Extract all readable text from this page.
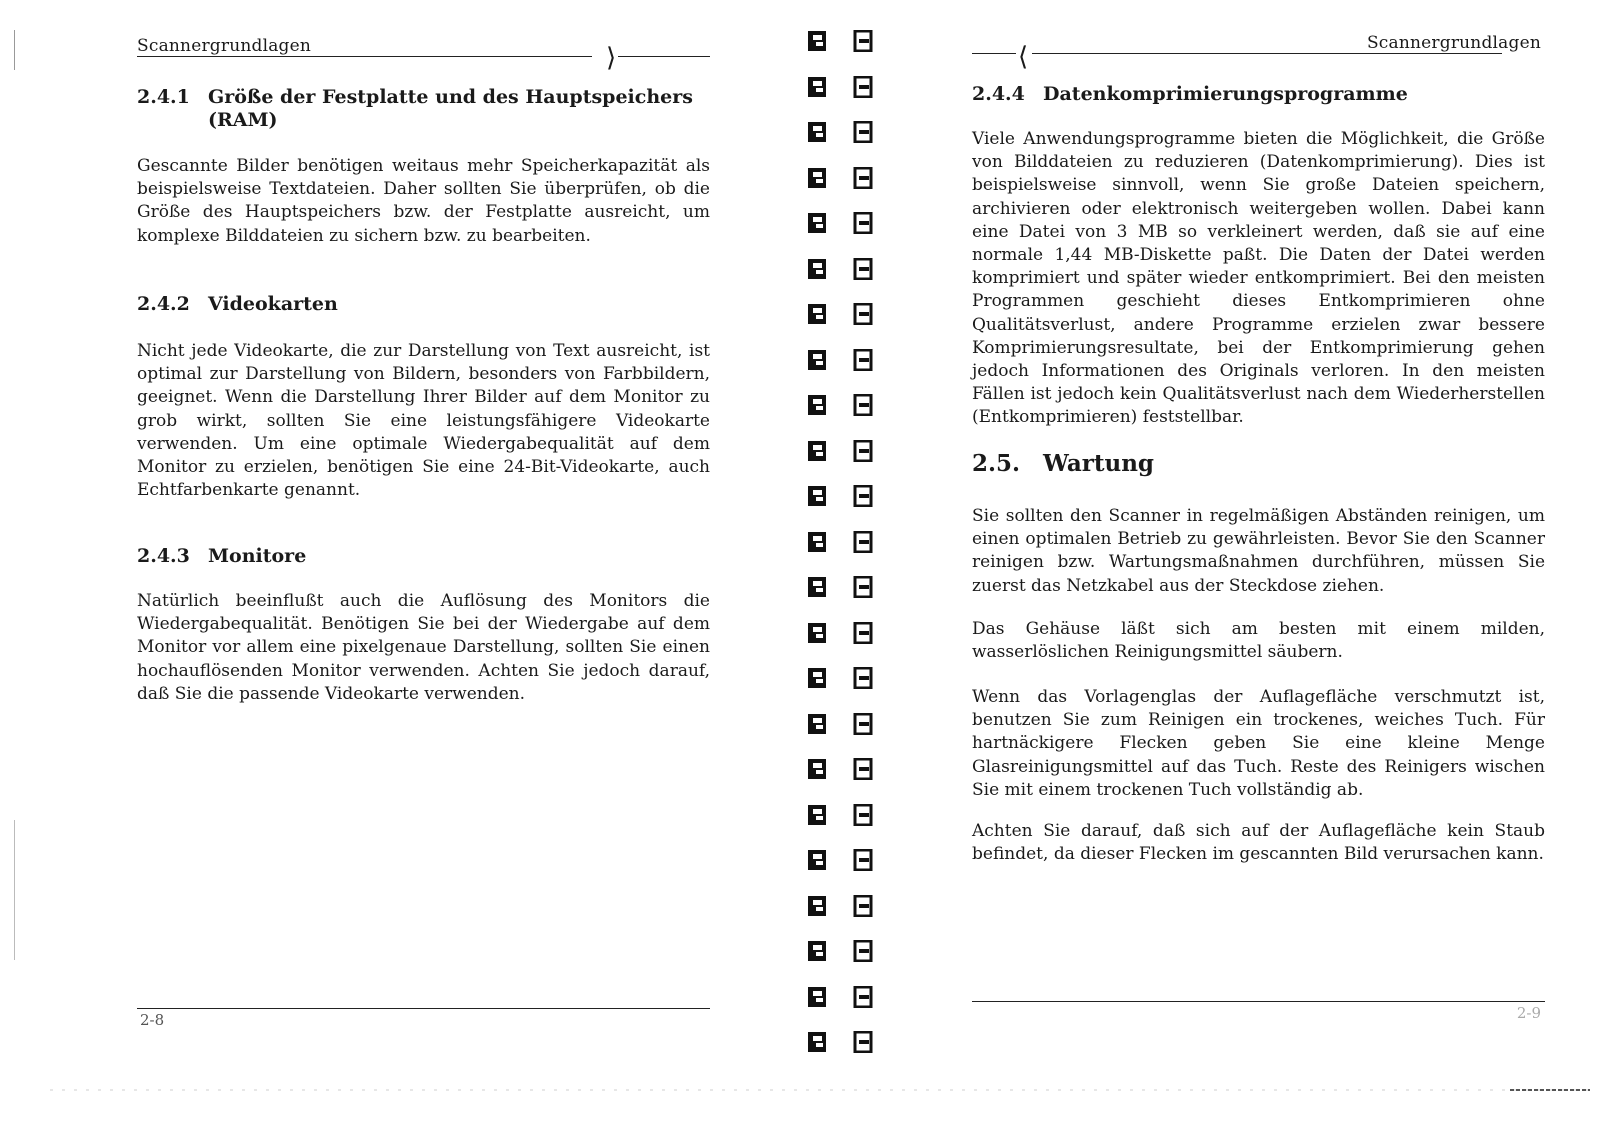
Scannergrundlagen	⟩
2.4.1 Größe der Festplatte und des Hauptspeichers (RAM)

Gescannte Bilder benötigen weitaus mehr Speicherkapazität als beispielsweise Textdateien. Daher sollten Sie überprüfen, ob die Größe des Hauptspeichers bzw. der Festplatte ausreicht, um komplexe Bilddateien zu sichern bzw. zu bearbeiten.

2.4.2 Videokarten

Nicht jede Videokarte, die zur Darstellung von Text ausreicht, ist optimal zur Darstellung von Bildern, besonders von Farbbildern, geeignet. Wenn die Darstellung Ihrer Bilder auf dem Monitor zu grob wirkt, sollten Sie eine leistungsfähigere Videokarte verwenden. Um eine optimale Wiedergabequalität auf dem Monitor zu erzielen, benötigen Sie eine 24-Bit-Videokarte, auch Echtfarbenkarte genannt.

2.4.3 Monitore

Natürlich beeinflußt auch die Auflösung des Monitors die Wiedergabequalität. Benötigen Sie bei der Wiedergabe auf dem Monitor vor allem eine pixelgenaue Darstellung, sollten Sie einen hochauflösenden Monitor verwenden. Achten Sie jedoch darauf, daß Sie die passende Videokarte verwenden.

2-8
⟨	Scannergrundlagen
2.4.4 Datenkomprimierungsprogramme

Viele Anwendungsprogramme bieten die Möglichkeit, die Größe von Bilddateien zu reduzieren (Datenkomprimierung). Dies ist beispielsweise sinnvoll, wenn Sie große Dateien speichern, archivieren oder elektronisch weitergeben wollen. Dabei kann eine Datei von 3 MB so verkleinert werden, daß sie auf eine normale 1,44 MB-Diskette paßt. Die Daten der Datei werden komprimiert und später wieder entkomprimiert. Bei den meisten Programmen geschieht dieses Entkomprimieren ohne Qualitätsverlust, andere Programme erzielen zwar bessere Komprimierungsresultate, bei der Entkomprimierung gehen jedoch Informationen des Originals verloren. In den meisten Fällen ist jedoch kein Qualitätsverlust nach dem Wiederherstellen (Entkomprimieren) feststellbar.

2.5. Wartung

Sie sollten den Scanner in regelmäßigen Abständen reinigen, um einen optimalen Betrieb zu gewährleisten. Bevor Sie den Scanner reinigen bzw. Wartungsmaßnahmen durchführen, müssen Sie zuerst das Netzkabel aus der Steckdose ziehen.

Das Gehäuse läßt sich am besten mit einem milden, wasserlöslichen Reinigungsmittel säubern.

Wenn das Vorlagenglas der Auflagefläche verschmutzt ist, benutzen Sie zum Reinigen ein trockenes, weiches Tuch. Für hartnäckigere Flecken geben Sie eine kleine Menge Glasreinigungsmittel auf das Tuch. Reste des Reinigers wischen Sie mit einem trockenen Tuch vollständig ab.

Achten Sie darauf, daß sich auf der Auflagefläche kein Staub befindet, da dieser Flecken im gescannten Bild verursachen kann.

2-9
